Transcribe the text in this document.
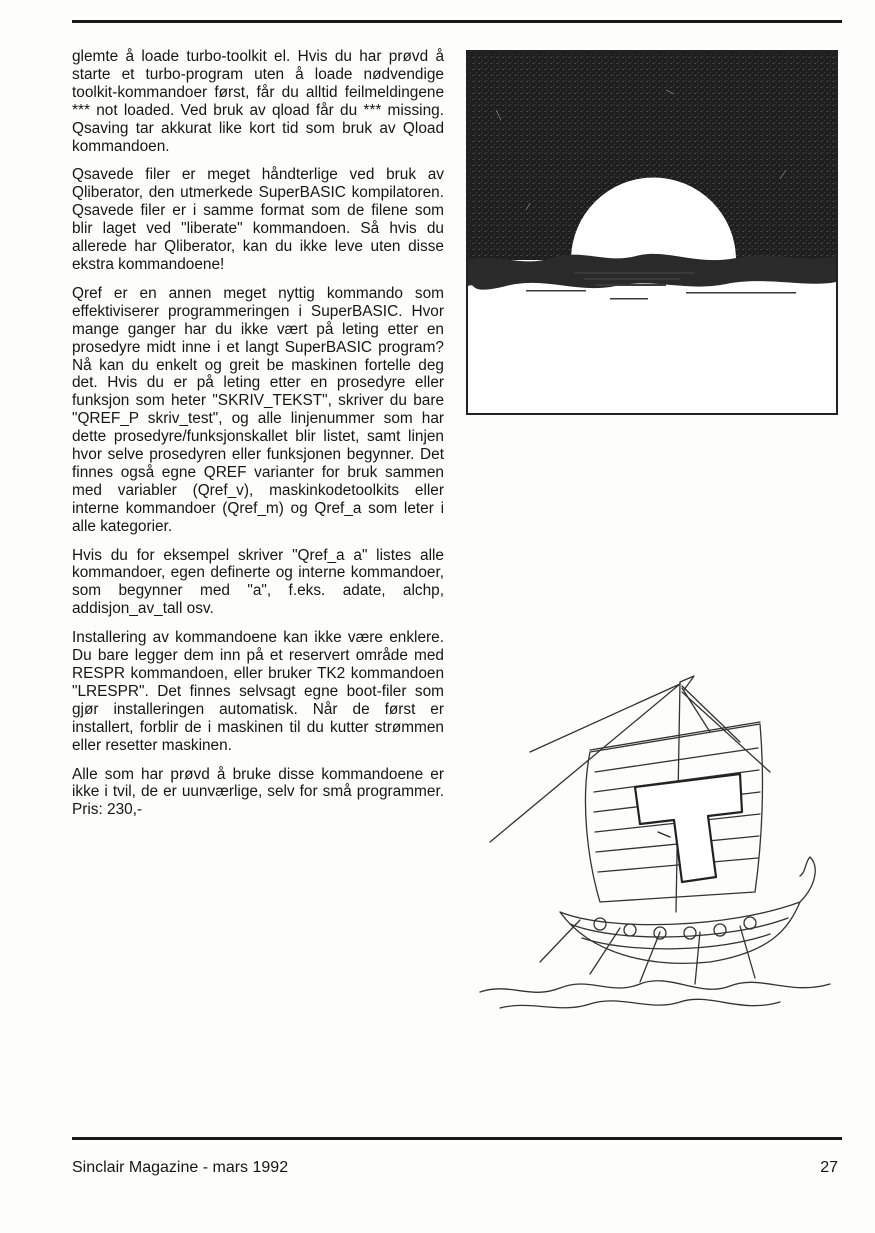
glemte å loade turbo-toolkit el. Hvis du har prøvd å starte et turbo-program uten å loade nødvendige toolkit-kommandoer først, får du alltid feilmeldingene *** not loaded. Ved bruk av qload får du *** missing. Qsaving tar akkurat like kort tid som bruk av Qload kommandoen.

Qsavede filer er meget håndterlige ved bruk av Qliberator, den utmerkede SuperBASIC kompilatoren. Qsavede filer er i samme format som de filene som blir laget ved "liberate" kommandoen. Så hvis du allerede har Qliberator, kan du ikke leve uten disse ekstra kommandoene!

Qref er en annen meget nyttig kommando som effektiviserer programmeringen i SuperBASIC. Hvor mange ganger har du ikke vært på leting etter en prosedyre midt inne i et langt SuperBASIC program? Nå kan du enkelt og greit be maskinen fortelle deg det. Hvis du er på leting etter en prosedyre eller funksjon som heter "SKRIV_TEKST", skriver du bare "QREF_P skriv_test", og alle linjenummer som har dette prosedyre/funksjonskallet blir listet, samt linjen hvor selve prosedyren eller funksjonen begynner. Det finnes også egne QREF varianter for bruk sammen med variabler (Qref_v), maskinkodetoolkits eller interne kommandoer (Qref_m) og Qref_a som leter i alle kategorier.

Hvis du for eksempel skriver "Qref_a a" listes alle kommandoer, egen definerte og interne kommandoer, som begynner med "a", f.eks. adate, alchp, addisjon_av_tall osv.

Installering av kommandoene kan ikke være enklere. Du bare legger dem inn på et reservert område med RESPR kommandoen, eller bruker TK2 kommandoen "LRESPR". Det finnes selvsagt egne boot-filer som gjør installeringen automatisk. Når de først er installert, forblir de i maskinen til du kutter strømmen eller resetter maskinen.

Alle som har prøvd å bruke disse kommandoene er ikke i tvil, de er uunværlige, selv for små programmer. Pris: 230,-

Sinclair Magazine - mars 1992	27
